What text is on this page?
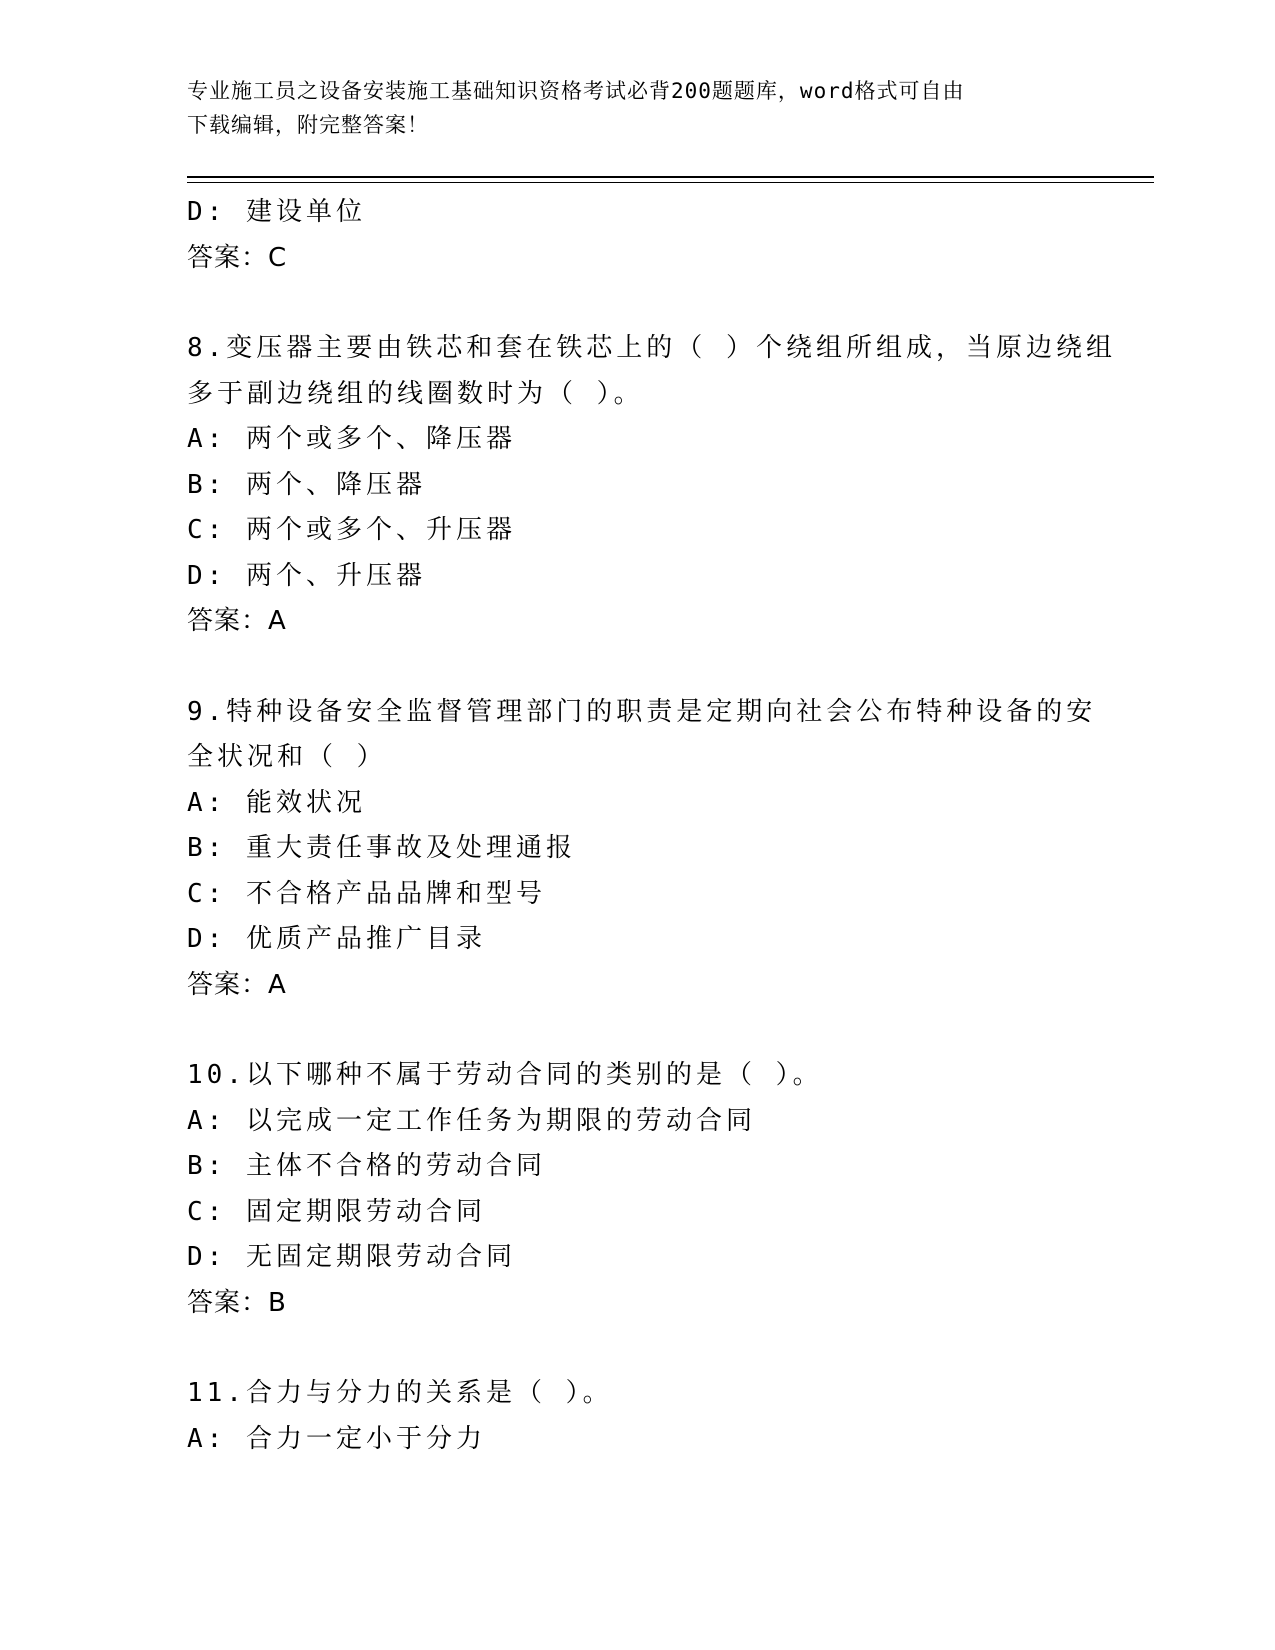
专业施工员之设备安装施工基础知识资格考试必背200题题库，word格式可自由
下载编辑，附完整答案！
D: 建设单位
答案：C
8.变压器主要由铁芯和套在铁芯上的（ ）个绕组所组成，当原边绕组
多于副边绕组的线圈数时为（ ）。
A: 两个或多个、降压器
B: 两个、降压器
C: 两个或多个、升压器
D: 两个、升压器
答案：A
9.特种设备安全监督管理部门的职责是定期向社会公布特种设备的安
全状况和（ ）
A: 能效状况
B: 重大责任事故及处理通报
C: 不合格产品品牌和型号
D: 优质产品推广目录
答案：A
10.以下哪种不属于劳动合同的类别的是（ ）。
A: 以完成一定工作任务为期限的劳动合同
B: 主体不合格的劳动合同
C: 固定期限劳动合同
D: 无固定期限劳动合同
答案：B
11.合力与分力的关系是（ ）。
A: 合力一定小于分力
